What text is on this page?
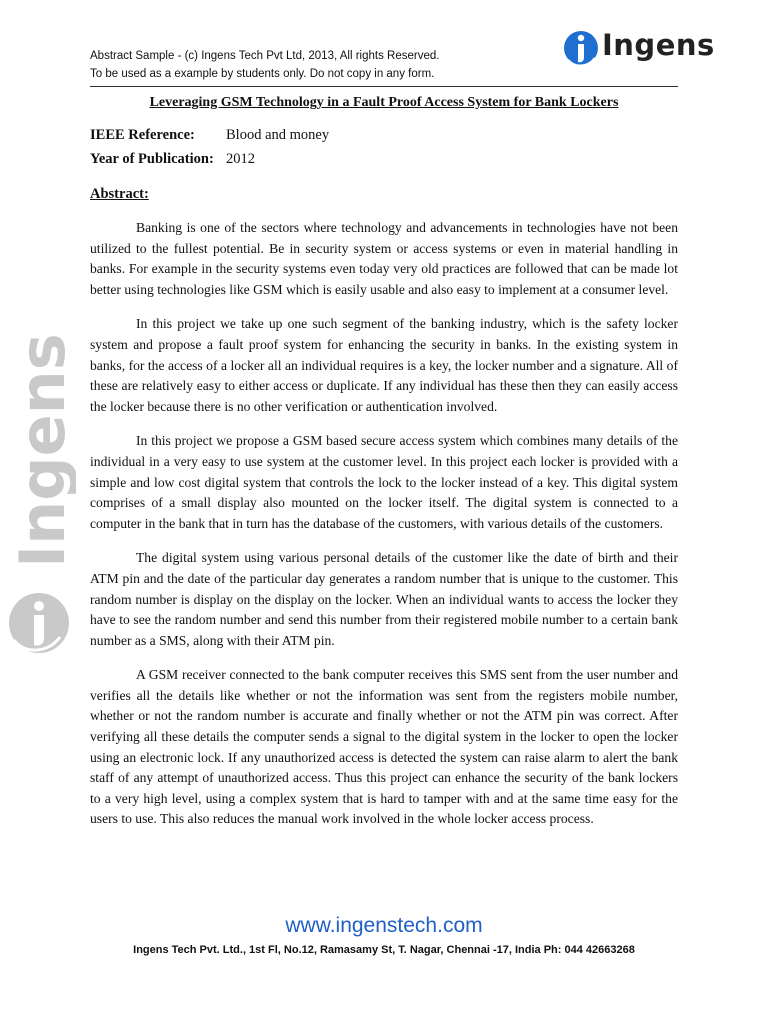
Abstract Sample - (c) Ingens Tech Pvt Ltd, 2013, All rights Reserved.
To be used as a example by students only. Do not copy in any form.
Ingens
Leveraging GSM Technology in a Fault Proof Access System for Bank Lockers
IEEE Reference: Blood and money
Year of Publication: 2012
Abstract:

Banking is one of the sectors where technology and advancements in technologies have not been utilized to the fullest potential. Be in security system or access systems or even in material handling in banks. For example in the security systems even today very old practices are followed that can be made lot better using technologies like GSM which is easily usable and also easy to implement at a consumer level.

In this project we take up one such segment of the banking industry, which is the safety locker system and propose a fault proof system for enhancing the security in banks. In the existing system in banks, for the access of a locker all an individual requires is a key, the locker number and a signature. All of these are relatively easy to either access or duplicate. If any individual has these then they can easily access the locker because there is no other verification or authentication involved.

In this project we propose a GSM based secure access system which combines many details of the individual in a very easy to use system at the customer level. In this project each locker is provided with a simple and low cost digital system that controls the lock to the locker instead of a key. This digital system comprises of a small display also mounted on the locker itself. The digital system is connected to a computer in the bank that in turn has the database of the customers, with various details of the customers.

The digital system using various personal details of the customer like the date of birth and their ATM pin and the date of the particular day generates a random number that is unique to the customer. This random number is display on the display on the locker. When an individual wants to access the locker they have to see the random number and send this number from their registered mobile number to a certain bank number as a SMS, along with their ATM pin.

A GSM receiver connected to the bank computer receives this SMS sent from the user number and verifies all the details like whether or not the information was sent from the registers mobile number, whether or not the random number is accurate and finally whether or not the ATM pin was correct. After verifying all these details the computer sends a signal to the digital system in the locker to open the locker using an electronic lock. If any unauthorized access is detected the system can raise alarm to alert the bank staff of any attempt of unauthorized access. Thus this project can enhance the security of the bank lockers to a very high level, using a complex system that is hard to tamper with and at the same time easy for the users to use. This also reduces the manual work involved in the whole locker access process.

Ingens
www.ingenstech.com
Ingens Tech Pvt. Ltd., 1st Fl, No.12, Ramasamy St, T. Nagar, Chennai -17, India Ph: 044 42663268
